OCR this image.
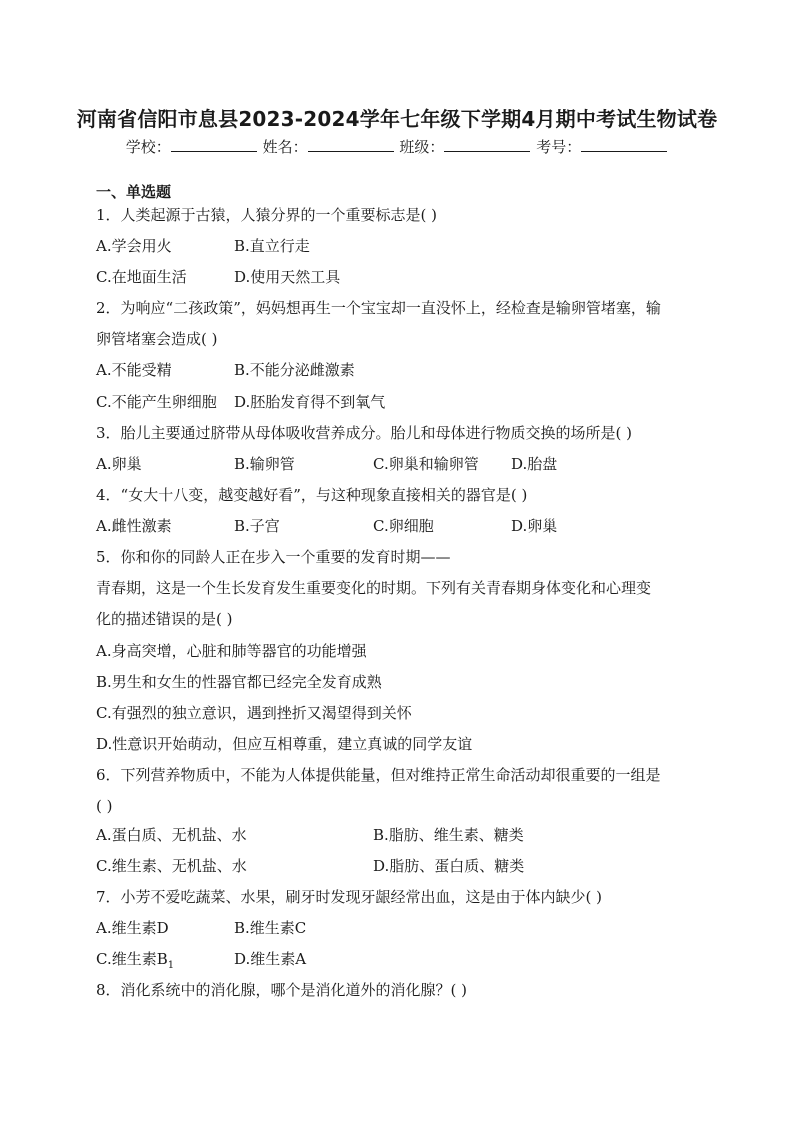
河南省信阳市息县2023-2024学年七年级下学期4月期中考试生物试卷
学校：	姓名：	班级：	考号：
一、单选题
1．人类起源于古猿，人猿分界的一个重要标志是( )
A.学会用火	B.直立行走
C.在地面生活	D.使用天然工具
2．为响应“二孩政策”，妈妈想再生一个宝宝却一直没怀上，经检查是输卵管堵塞，输
卵管堵塞会造成( )
A.不能受精	B.不能分泌雌激素
C.不能产生卵细胞 D.胚胎发育得不到氧气
3．胎儿主要通过脐带从母体吸收营养成分。胎儿和母体进行物质交换的场所是( )
A.卵巢	B.输卵管	C.卵巢和输卵管 D.胎盘
4．“女大十八变，越变越好看”，与这种现象直接相关的器官是( )
A.雌性激素	B.子宫	C.卵细胞	D.卵巢
5．你和你的同龄人正在步入一个重要的发育时期——
青春期，这是一个生长发育发生重要变化的时期。下列有关青春期身体变化和心理变
化的描述错误的是( )
A.身高突增，心脏和肺等器官的功能增强
B.男生和女生的性器官都已经完全发育成熟
C.有强烈的独立意识，遇到挫折又渴望得到关怀
D.性意识开始萌动，但应互相尊重，建立真诚的同学友谊
6．下列营养物质中，不能为人体提供能量，但对维持正常生命活动却很重要的一组是
( )
A.蛋白质、无机盐、水	B.脂肪、维生素、糖类
C.维生素、无机盐、水	D.脂肪、蛋白质、糖类
7．小芳不爱吃蔬菜、水果，刷牙时发现牙龈经常出血，这是由于体内缺少( )
A.维生素D	B.维生素C
C.维生素$B_1$	D.维生素A
8．消化系统中的消化腺，哪个是消化道外的消化腺？( )
